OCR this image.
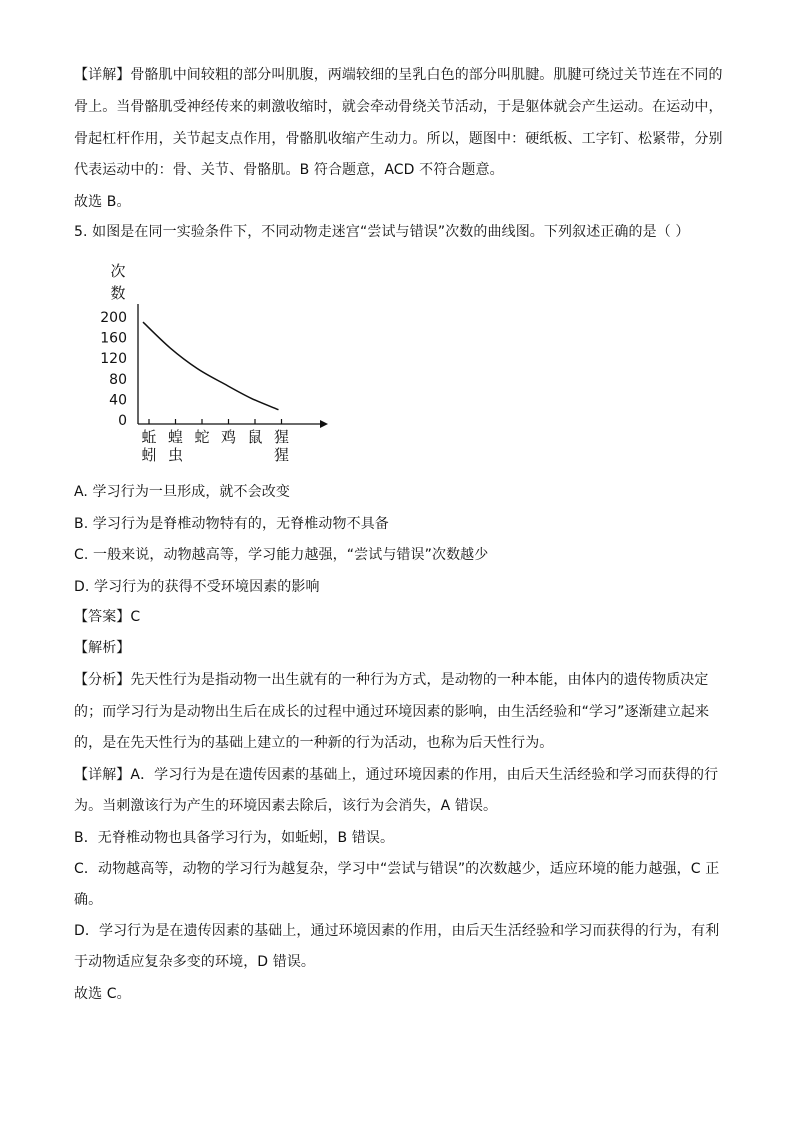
【详解】骨骼肌中间较粗的部分叫肌腹，两端较细的呈乳白色的部分叫肌腱。肌腱可绕过关节连在不同的
骨上。当骨骼肌受神经传来的刺激收缩时，就会牵动骨绕关节活动，于是躯体就会产生运动。在运动中，
骨起杠杆作用，关节起支点作用，骨骼肌收缩产生动力。所以，题图中：硬纸板、工字钉、松紧带，分别
代表运动中的：骨、关节、骨骼肌。B 符合题意，ACD 不符合题意。
故选 B。
5. 如图是在同一实验条件下，不同动物走迷宫“尝试与错误”次数的曲线图。下列叙述正确的是（ ）
次
数
200
160
120
80
40
0
蚯
蚓
蝗
虫
蛇 鸡 鼠 猩
猩
A. 学习行为一旦形成，就不会改变
B. 学习行为是脊椎动物特有的，无脊椎动物不具备
C. 一般来说，动物越高等，学习能力越强，“尝试与错误”次数越少
D. 学习行为的获得不受环境因素的影响
【答案】C
【解析】
【分析】先天性行为是指动物一出生就有的一种行为方式，是动物的一种本能，由体内的遗传物质决定
的；而学习行为是动物出生后在成长的过程中通过环境因素的影响，由生活经验和“学习”逐渐建立起来
的，是在先天性行为的基础上建立的一种新的行为活动，也称为后天性行为。
【详解】A．学习行为是在遗传因素的基础上，通过环境因素的作用，由后天生活经验和学习而获得的行
为。当刺激该行为产生的环境因素去除后，该行为会消失，A 错误。
B．无脊椎动物也具备学习行为，如蚯蚓，B 错误。
C．动物越高等，动物的学习行为越复杂，学习中“尝试与错误”的次数越少，适应环境的能力越强，C 正
确。
D．学习行为是在遗传因素的基础上，通过环境因素的作用，由后天生活经验和学习而获得的行为，有利
于动物适应复杂多变的环境，D 错误。
故选 C。
